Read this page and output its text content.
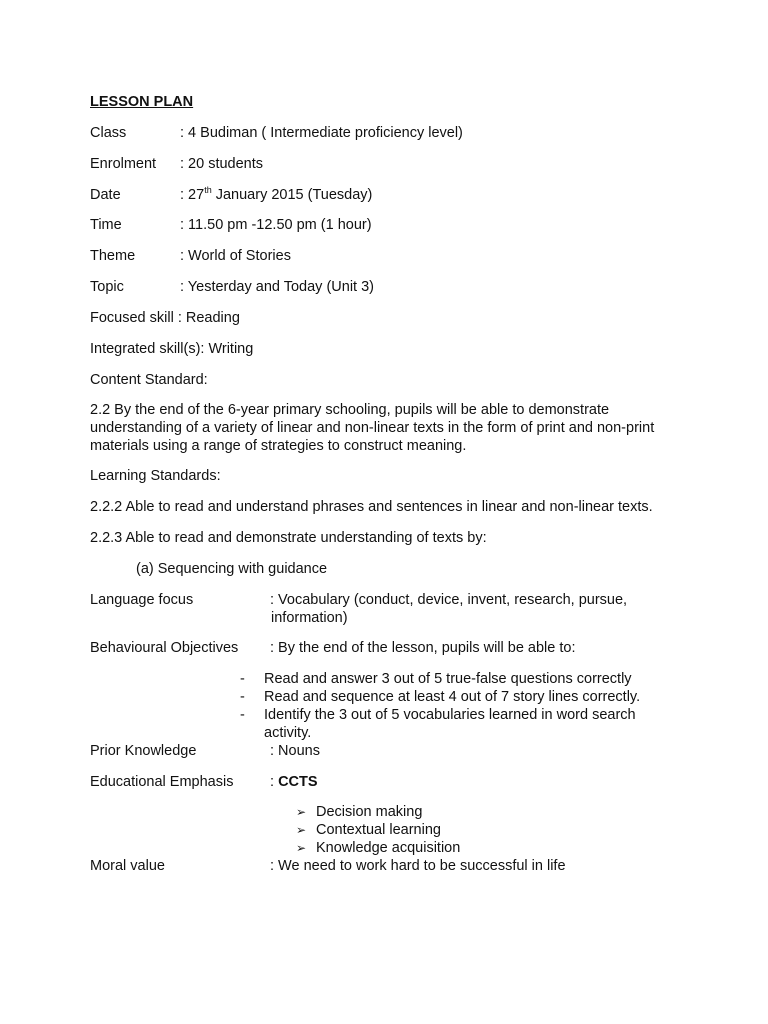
LESSON PLAN
Class	: 4 Budiman ( Intermediate proficiency level)
Enrolment : 20 students
Date	: 27th January 2015 (Tuesday)
Time	: 11.50 pm -12.50 pm (1 hour)
Theme	: World of Stories
Topic	: Yesterday and Today (Unit 3)
Focused skill : Reading
Integrated skill(s): Writing
Content Standard:
2.2 By the end of the 6-year primary schooling, pupils will be able to demonstrate understanding of a variety of linear and non-linear texts in the form of print and non-print materials using a range of strategies to construct meaning.
Learning Standards:
2.2.2 Able to read and understand phrases and sentences in linear and non-linear texts.
2.2.3 Able to read and demonstrate understanding of texts by:
(a) Sequencing with guidance
Language focus	: Vocabulary (conduct, device, invent, research, pursue,
information)
Behavioural Objectives : By the end of the lesson, pupils will be able to:
- Read and answer 3 out of 5 true-false questions correctly
- Read and sequence at least 4 out of 7 story lines correctly.
- Identify the 3 out of 5 vocabularies learned in word search activity.
Prior Knowledge	: Nouns
Educational Emphasis	: CCTS
➢ Decision making
➢ Contextual learning
➢ Knowledge acquisition
Moral value	: We need to work hard to be successful in life
